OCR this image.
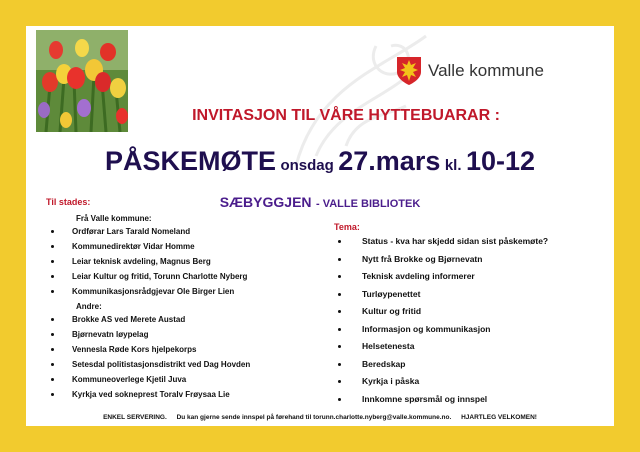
Valle kommune
INVITASJON TIL VÅRE HYTTEBUARAR :
PÅSKEMØTE onsdag 27.mars kl. 10-12
SÆBYGGJEN - VALLE BIBLIOTEK
Til stades:
Frå Valle kommune:
Ordførar Lars Tarald Nomeland
Kommunedirektør Vidar Homme
Leiar teknisk avdeling, Magnus Berg
Leiar Kultur og fritid, Torunn Charlotte Nyberg
Kommunikasjonsrådgjevar Ole Birger Lien
Andre:
Brokke AS ved Merete Austad
Bjørnevatn løypelag
Vennesla Røde Kors hjelpekorps
Setesdal politistasjonsdistrikt ved Dag Hovden
Kommuneoverlege Kjetil Juva
Kyrkja ved sokneprest Toralv Frøysaa Lie
Tema:
Status - kva har skjedd sidan sist påskemøte?
Nytt frå Brokke og Bjørnevatn
Teknisk avdeling informerer
Turløypenettet
Kultur og fritid
Informasjon og kommunikasjon
Helsetenesta
Beredskap
Kyrkja i påska
Innkomne spørsmål og innspel
ENKEL SERVERING. Du kan gjerne sende innspel på førehand til torunn.charlotte.nyberg@valle.kommune.no. HJARTLEG VELKOMEN!
